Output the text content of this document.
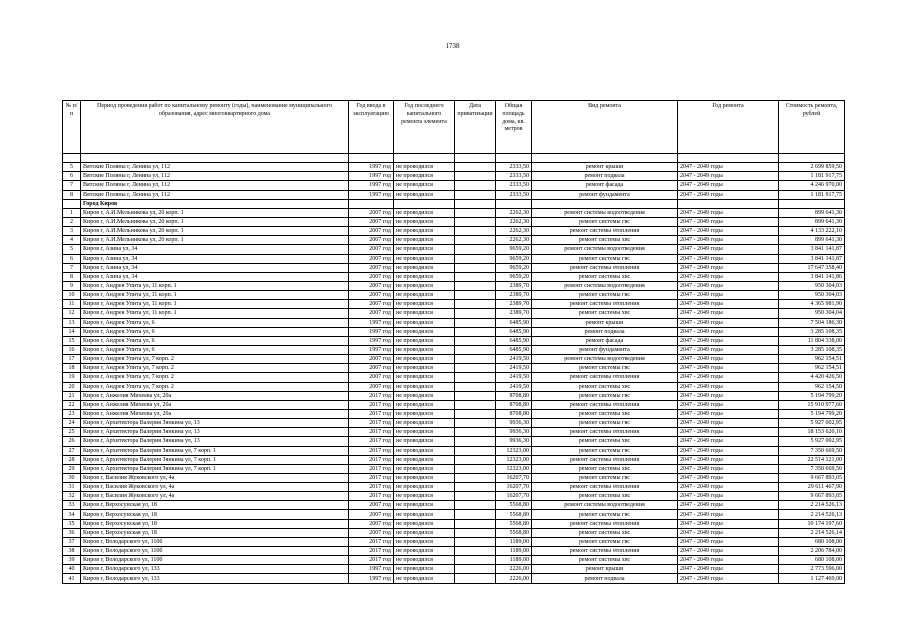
1738
№ п/п	Период проведения работ по капитальному ремонту (годы), наименование муниципального образования, адрес многоквартирного дома	Год ввода в эксплуатацию	Год последнего капитального ремонта элемента	Дата приватизации	Общая площадь дома, кв. метров	Вид ремонта	Год ремонта	Стоимость ремонта, рублей

5	Вятские Поляны г, Ленина ул, 112	1997 год	не проводился		2333,50	ремонт крыши	2047 - 2049 годы	2 699 859,50
6	Вятские Поляны г, Ленина ул, 112	1997 год	не проводился		2333,50	ремонт подвала	2047 - 2049 годы	1 181 917,75
7	Вятские Поляны г, Ленина ул, 112	1997 год	не проводился		2333,50	ремонт фасада	2047 - 2049 годы	4 246 970,00
8	Вятские Поляны г, Ленина ул, 112	1997 год	не проводился		2333,50	ремонт фундамента	2047 - 2049 годы	1 181 917,75
	Город Киров							
1	Киров г, А.И.Мельникова ул, 20 корп. 1	2007 год	не проводился		2262,30	ремонт системы водоотведения	2047 - 2049 годы	899 641,30
2	Киров г, А.И.Мельникова ул, 20 корп. 1	2007 год	не проводился		2262,30	ремонт системы гвс	2047 - 2049 годы	899 641,30
3	Киров г, А.И.Мельникова ул, 20 корп. 1	2007 год	не проводился		2262,30	ремонт системы отопления	2047 - 2049 годы	4 133 222,10
4	Киров г, А.И.Мельникова ул, 20 корп. 1	2007 год	не проводился		2262,30	ремонт системы хвс	2047 - 2049 годы	899 641,30
5	Киров г, Азина ул, 34	2007 год	не проводился		9659,20	ремонт системы водоотведения	2047 - 2049 годы	3 841 141,87
6	Киров г, Азина ул, 34	2007 год	не проводился		9659,20	ремонт системы гвс	2047 - 2049 годы	3 841 141,87
7	Киров г, Азина ул, 34	2007 год	не проводился		9659,20	ремонт системы отопления	2047 - 2049 годы	17 647 358,40
8	Киров г, Азина ул, 34	2007 год	не проводился		9659,20	ремонт системы хвс	2047 - 2049 годы	3 841 141,86
9	Киров г, Андрея Упита ул, 11 корп. 1	2007 год	не проводился		2389,70	ремонт системы водоотведения	2047 - 2049 годы	950 304,03
10	Киров г, Андрея Упита ул, 11 корп. 1	2007 год	не проводился		2389,70	ремонт системы гвс	2047 - 2049 годы	950 304,03
11	Киров г, Андрея Упита ул, 11 корп. 1	2007 год	не проводился		2389,70	ремонт системы отопления	2047 - 2049 годы	4 365 981,90
12	Киров г, Андрея Упита ул, 11 корп. 1	2007 год	не проводился		2389,70	ремонт системы хвс	2047 - 2049 годы	950 304,04
13	Киров г, Андрея Упита ул, 6	1997 год	не проводился		6485,90	ремонт крыши	2047 - 2049 годы	7 504 186,30
14	Киров г, Андрея Упита ул, 6	1997 год	не проводился		6485,90	ремонт подвала	2047 - 2049 годы	3 285 108,35
15	Киров г, Андрея Упита ул, 6	1997 год	не проводился		6485,90	ремонт фасада	2047 - 2049 годы	11 804 338,00
16	Киров г, Андрея Упита ул, 6	1997 год	не проводился		6485,90	ремонт фундамента	2047 - 2049 годы	3 285 108,35
17	Киров г, Андрея Упита ул, 7 корп. 2	2007 год	не проводился		2419,50	ремонт системы водоотведения	2047 - 2049 годы	962 154,51
18	Киров г, Андрея Упита ул, 7 корп. 2	2007 год	не проводился		2419,50	ремонт системы гвс	2047 - 2049 годы	962 154,51
19	Киров г, Андрея Упита ул, 7 корп. 2	2007 год	не проводился		2419,50	ремонт системы отопления	2047 - 2049 годы	4 420 426,50
20	Киров г, Андрея Упита ул, 7 корп. 2	2007 год	не проводился		2419,50	ремонт системы хвс	2047 - 2049 годы	962 154,50
21	Киров г, Анжелия Михеева ул, 20а	2017 год	не проводился		8708,80	ремонт системы гвс	2047 - 2049 годы	5 194 799,20
22	Киров г, Анжелия Михеева ул, 20а	2017 год	не проводился		8708,80	ремонт системы отопления	2047 - 2049 годы	15 910 977,60
23	Киров г, Анжелия Михеева ул, 20а	2017 год	не проводился		8708,80	ремонт системы хвс	2047 - 2049 годы	5 194 799,20
24	Киров г, Архитектора Валерия Зянкина ул, 13	2017 год	не проводился		9936,30	ремонт системы гвс	2047 - 2049 годы	5 927 002,95
25	Киров г, Архитектора Валерия Зянкина ул, 13	2017 год	не проводился		9936,30	ремонт системы отопления	2047 - 2049 годы	18 153 620,10
26	Киров г, Архитектора Валерия Зянкина ул, 13	2017 год	не проводился		9936,30	ремонт системы хвс	2047 - 2049 годы	5 927 002,95
27	Киров г, Архитектора Валерия Зянкина ул, 7 корп. 1	2017 год	не проводился		12323,00	ремонт системы гвс	2047 - 2049 годы	7 350 669,50
28	Киров г, Архитектора Валерия Зянкина ул, 7 корп. 1	2017 год	не проводился		12323,00	ремонт системы отопления	2047 - 2049 годы	22 514 121,00
29	Киров г, Архитектора Валерия Зянкина ул, 7 корп. 1	2017 год	не проводился		12323,00	ремонт системы хвс	2047 - 2049 годы	7 350 669,50
30	Киров г, Василия Жуковского ул, 4а	2017 год	не проводился		16207,70	ремонт системы гвс	2047 - 2049 годы	9 667 893,05
31	Киров г, Василия Жуковского ул, 4а	2017 год	не проводился		16207,70	ремонт системы отопления	2047 - 2049 годы	29 611 467,90
32	Киров г, Василия Жуковского ул, 4а	2017 год	не проводился		16207,70	ремонт системы хвс	2047 - 2049 годы	9 667 893,05
33	Киров г, Верхосунская ул, 18	2007 год	не проводился		5568,80	ремонт системы водоотведения	2047 - 2049 годы	2 214 526,13
34	Киров г, Верхосунская ул, 18	2007 год	не проводился		5568,80	ремонт системы гвс	2047 - 2049 годы	2 214 526,13
35	Киров г, Верхосунская ул, 18	2007 год	не проводился		5568,80	ремонт системы отопления	2047 - 2049 годы	10 174 197,60
36	Киров г, Верхосунская ул, 18	2007 год	не проводился		5568,80	ремонт системы хвс	2047 - 2049 годы	2 214 526,14
37	Киров г, Володарского ул, 110б	2017 год	не проводился		1189,00	ремонт системы гвс	2047 - 2049 годы	680 108,00
38	Киров г, Володарского ул, 110б	2017 год	не проводился		1189,00	ремонт системы отопления	2047 - 2049 годы	2 206 784,00
39	Киров г, Володарского ул, 110б	2017 год	не проводился		1189,00	ремонт системы хвс	2047 - 2049 годы	680 108,00
40	Киров г, Володарского ул, 133	1997 год	не проводился		2226,00	ремонт крыши	2047 - 2049 годы	2 773 596,00
41	Киров г, Володарского ул, 133	1997 год	не проводился		2226,00	ремонт подвала	2047 - 2049 годы	1 127 469,00
